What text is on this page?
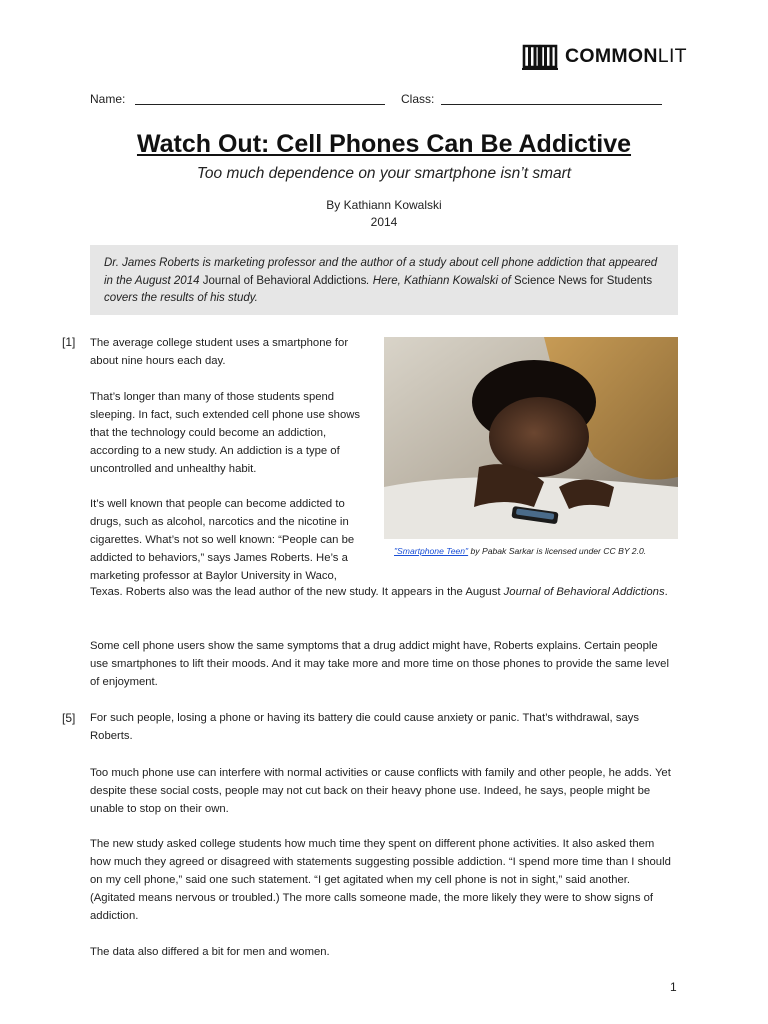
COMMONLIT
Name:	Class:
Watch Out: Cell Phones Can Be Addictive
Too much dependence on your smartphone isn’t smart
By Kathiann Kowalski
2014
Dr. James Roberts is marketing professor and the author of a study about cell phone addiction that appeared in the August 2014 Journal of Behavioral Addictions. Here, Kathiann Kowalski of Science News for Students covers the results of his study.
[1]
[5]
The average college student uses a smartphone for about nine hours each day.
That’s longer than many of those students spend sleeping. In fact, such extended cell phone use shows that the technology could become an addiction, according to a new study. An addiction is a type of uncontrolled and unhealthy habit.
It’s well known that people can become addicted to drugs, such as alcohol, narcotics and the nicotine in cigarettes. What’s not so well known: “People can be addicted to behaviors,” says James Roberts. He’s a marketing professor at Baylor University in Waco,
Texas. Roberts also was the lead author of the new study. It appears in the August Journal of Behavioral Addictions.
Some cell phone users show the same symptoms that a drug addict might have, Roberts explains. Certain people use smartphones to lift their moods. And it may take more and more time on those phones to provide the same level of enjoyment.
For such people, losing a phone or having its battery die could cause anxiety or panic. That’s withdrawal, says Roberts.
Too much phone use can interfere with normal activities or cause conflicts with family and other people, he adds. Yet despite these social costs, people may not cut back on their heavy phone use. Indeed, he says, people might be unable to stop on their own.
The new study asked college students how much time they spent on different phone activities. It also asked them how much they agreed or disagreed with statements suggesting possible addiction. “I spend more time than I should on my cell phone,” said one such statement. “I get agitated when my cell phone is not in sight,” said another. (Agitated means nervous or troubled.) The more calls someone made, the more likely they were to show signs of addiction.
The data also differed a bit for men and women.
"Smartphone Teen" by Pabak Sarkar is licensed under CC BY 2.0.
1
